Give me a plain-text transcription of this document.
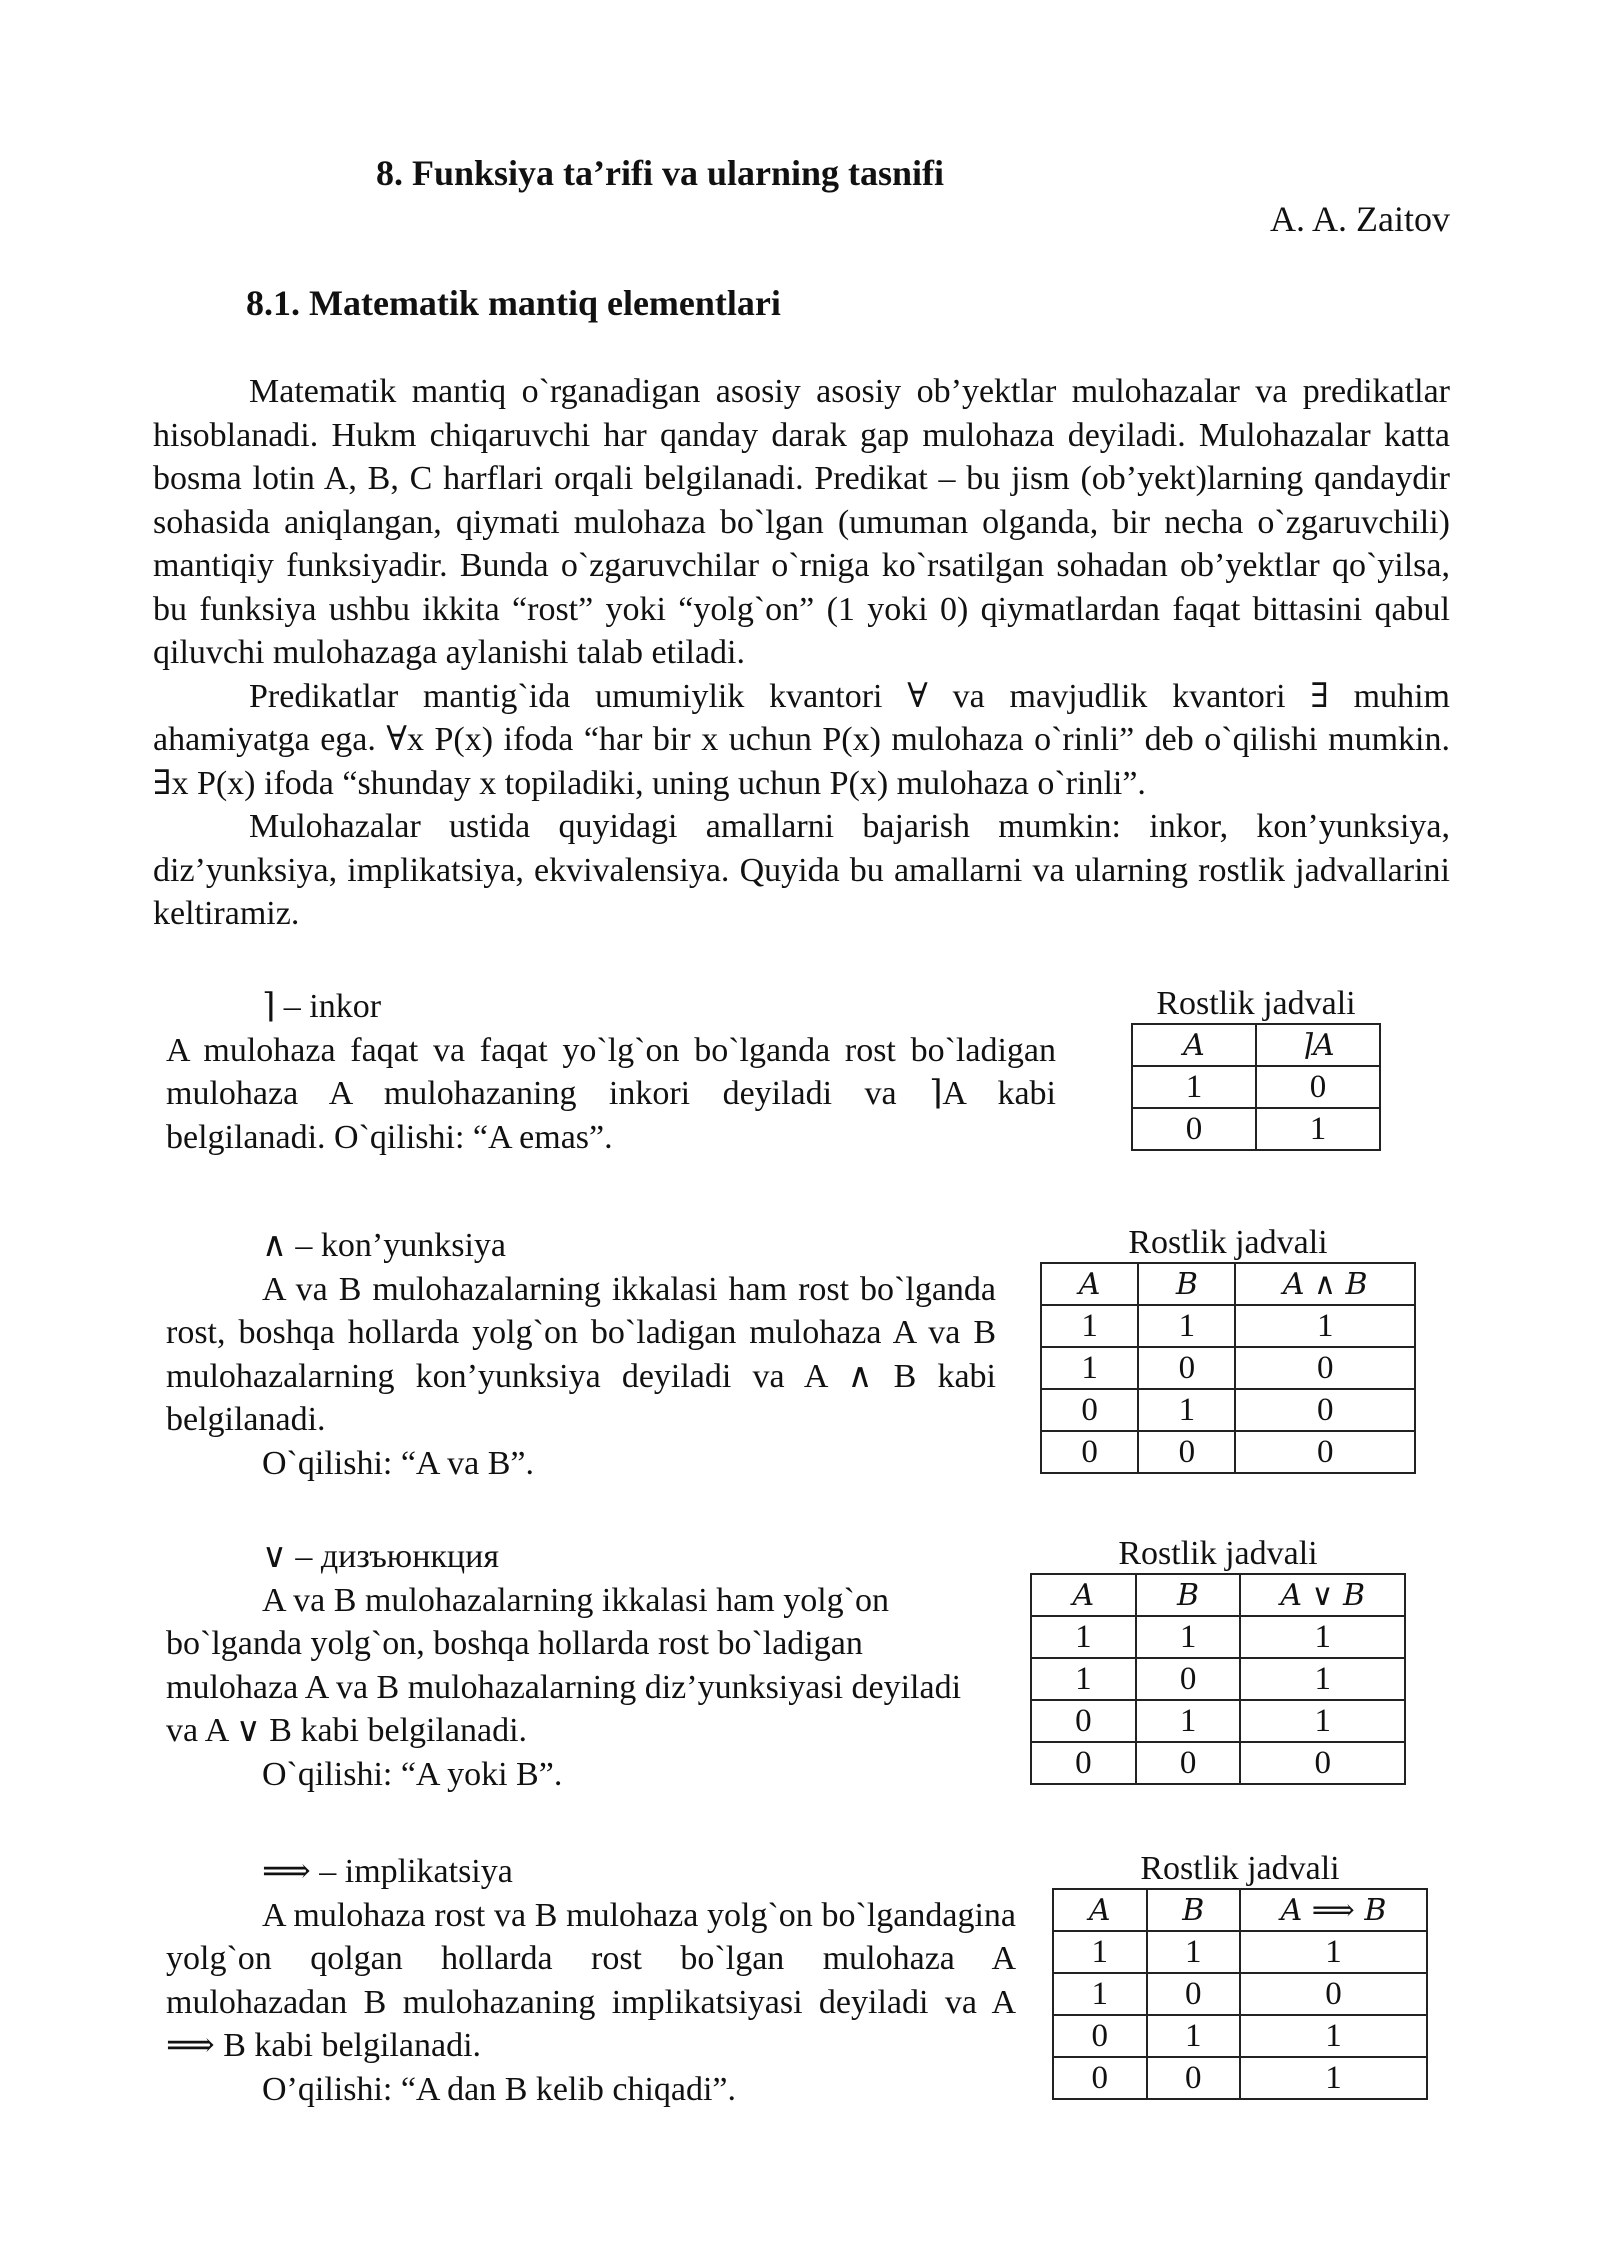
8. Funksiya ta’rifi va ularning tasnifi
A. A. Zaitov
8.1. Matematik mantiq elementlari

Matematik mantiq o`rganadigan asosiy asosiy ob’yektlar mulohazalar va predikatlar hisoblanadi. Hukm chiqaruvchi har qanday darak gap mulohaza deyiladi. Mulohazalar katta bosma lotin A, B, C harflari orqali belgilanadi. Predikat – bu jism (ob’yekt)larning qandaydir sohasida aniqlangan, qiymati mulohaza bo`lgan (umuman olganda, bir necha o`zgaruvchili) mantiqiy funksiyadir. Bunda o`zgaruvchilar o`rniga ko`rsatilgan sohadan ob’yektlar qo`yilsa, bu funksiya ushbu ikkita “rost” yoki “yolg`on” (1 yoki 0) qiymatlardan faqat bittasini qabul qiluvchi mulohazaga aylanishi talab etiladi.

Predikatlar mantig`ida umumiylik kvantori ∀ va mavjudlik kvantori ∃ muhim ahamiyatga ega. ∀x P(x) ifoda “har bir x uchun P(x) mulohaza o`rinli” deb o`qilishi mumkin. ∃x P(x) ifoda “shunday x topiladiki, uning uchun P(x) mulohaza o`rinli”.

Mulohazalar ustida quyidagi amallarni bajarish mumkin: inkor, kon’yunksiya, diz’yunksiya, implikatsiya, ekvivalensiya. Quyida bu amallarni va ularning rostlik jadvallarini keltiramiz.

⌉ – inkor

A mulohaza faqat va faqat yo`lg`on bo`lganda rost bo`ladigan mulohaza A mulohazaning inkori deyiladi va ⌉A kabi belgilanadi. O`qilishi: “A emas”.

Rostlik jadvali
A	⌉A
1	0
0	1

∧ – kon’yunksiya

A va B mulohazalarning ikkalasi ham rost bo`lganda rost, boshqa hollarda yolg`on bo`ladigan mulohaza A va B mulohazalarning kon’yunksiya deyiladi va A ∧ B kabi belgilanadi.

O`qilishi: “A va B”.

Rostlik jadvali
A	B	A ∧ B
1	1	1
1	0	0
0	1	0
0	0	0

∨ – дизъюнкция

A va B mulohazalarning ikkalasi ham yolg`on bo`lganda yolg`on, boshqa hollarda rost bo`ladigan mulohaza A va B mulohazalarning diz’yunksiyasi deyiladi va A ∨ B kabi belgilanadi.

O`qilishi: “A yoki B”.

Rostlik jadvali
A	B	A ∨ B
1	1	1
1	0	1
0	1	1
0	0	0

⟹ – implikatsiya

A mulohaza rost va B mulohaza yolg`on bo`lgandagina yolg`on qolgan hollarda rost bo`lgan mulohaza A mulohazadan B mulohazaning implikatsiyasi deyiladi va A ⟹ B kabi belgilanadi.

O’qilishi: “A dan B kelib chiqadi”.

Rostlik jadvali
A	B	A ⟹ B
1	1	1
1	0	0
0	1	1
0	0	1
